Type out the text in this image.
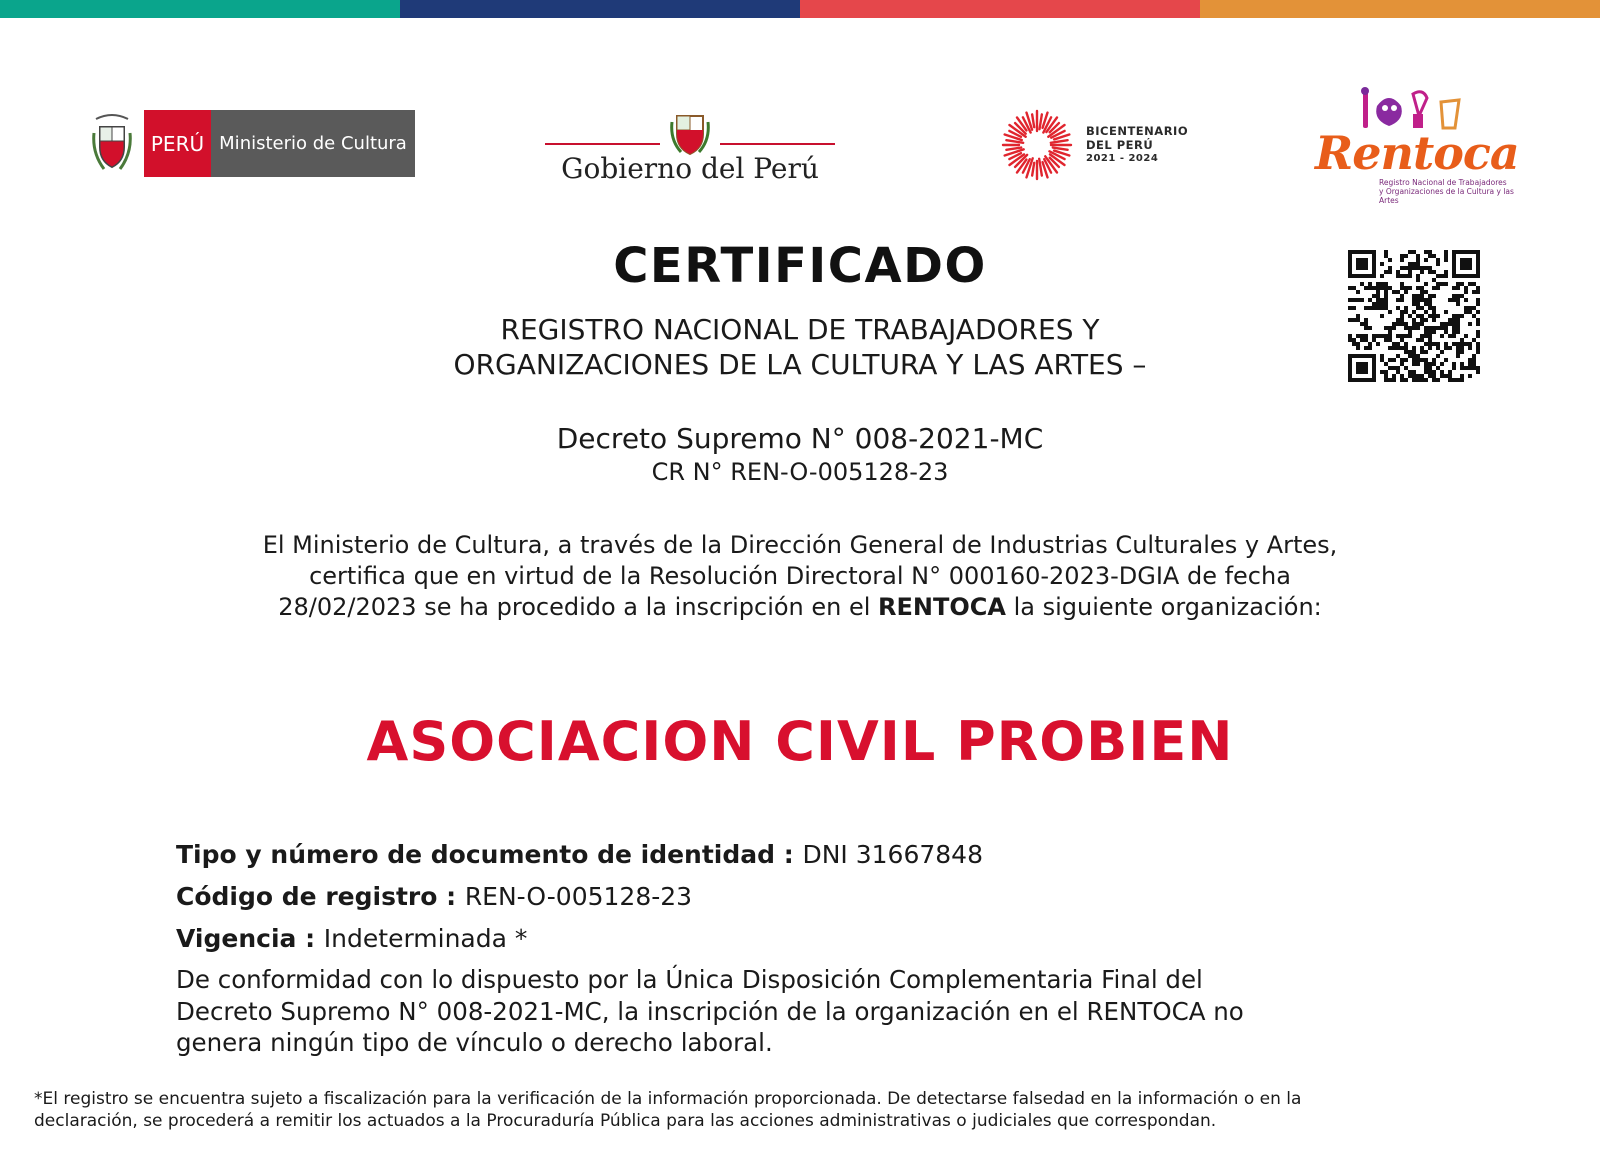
PERÚ Ministerio de Cultura
Gobierno del Perú
BICENTENARIO
DEL PERÚ
2021 - 2024	Rentoca
Registro Nacional de Trabajadores
y Organizaciones de la Cultura y las Artes
CERTIFICADO
REGISTRO NACIONAL DE TRABAJADORES Y
ORGANIZACIONES DE LA CULTURA Y LAS ARTES –
Decreto Supremo N° 008-2021-MC
CR N° REN-O-005128-23
El Ministerio de Cultura, a través de la Dirección General de Industrias Culturales y Artes,
certifica que en virtud de la Resolución Directoral N° 000160-2023-DGIA de fecha
28/02/2023 se ha procedido a la inscripción en el RENTOCA la siguiente organización:
ASOCIACION CIVIL PROBIEN
Tipo y número de documento de identidad : DNI 31667848
Código de registro : REN-O-005128-23
Vigencia : Indeterminada *
De conformidad con lo dispuesto por la Única Disposición Complementaria Final del
Decreto Supremo N° 008-2021-MC, la inscripción de la organización en el RENTOCA no
genera ningún tipo de vínculo o derecho laboral.
*El registro se encuentra sujeto a fiscalización para la verificación de la información proporcionada. De detectarse falsedad en la información o en la
declaración, se procederá a remitir los actuados a la Procuraduría Pública para las acciones administrativas o judiciales que correspondan.
